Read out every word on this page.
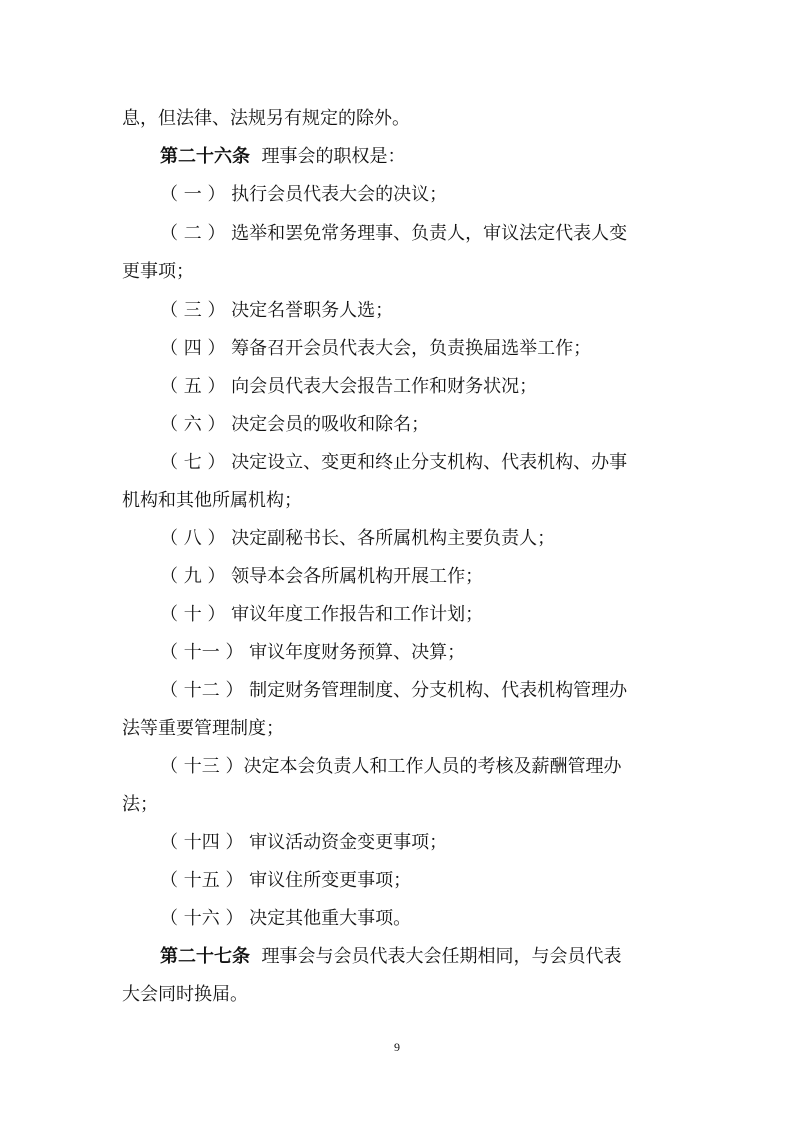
息，但法律、法规另有规定的除外。
第二十六条  理事会的职权是：
（ 一 ） 执行会员代表大会的决议；
（ 二 ） 选举和罢免常务理事、负责人，审议法定代表人变
更事项；
（ 三 ） 决定名誉职务人选；
（ 四 ） 筹备召开会员代表大会，负责换届选举工作；
（ 五 ） 向会员代表大会报告工作和财务状况；
（ 六 ） 决定会员的吸收和除名；
（ 七 ） 决定设立、变更和终止分支机构、代表机构、办事
机构和其他所属机构；
（ 八 ） 决定副秘书长、各所属机构主要负责人；
（ 九 ） 领导本会各所属机构开展工作；
（ 十 ） 审议年度工作报告和工作计划；
（ 十一 ） 审议年度财务预算、决算；
（ 十二 ） 制定财务管理制度、分支机构、代表机构管理办
法等重要管理制度；
（ 十三 ）决定本会负责人和工作人员的考核及薪酬管理办
法；
（ 十四 ） 审议活动资金变更事项；
（ 十五 ） 审议住所变更事项；
（ 十六 ） 决定其他重大事项。
第二十七条  理事会与会员代表大会任期相同，与会员代表
大会同时换届。
9
